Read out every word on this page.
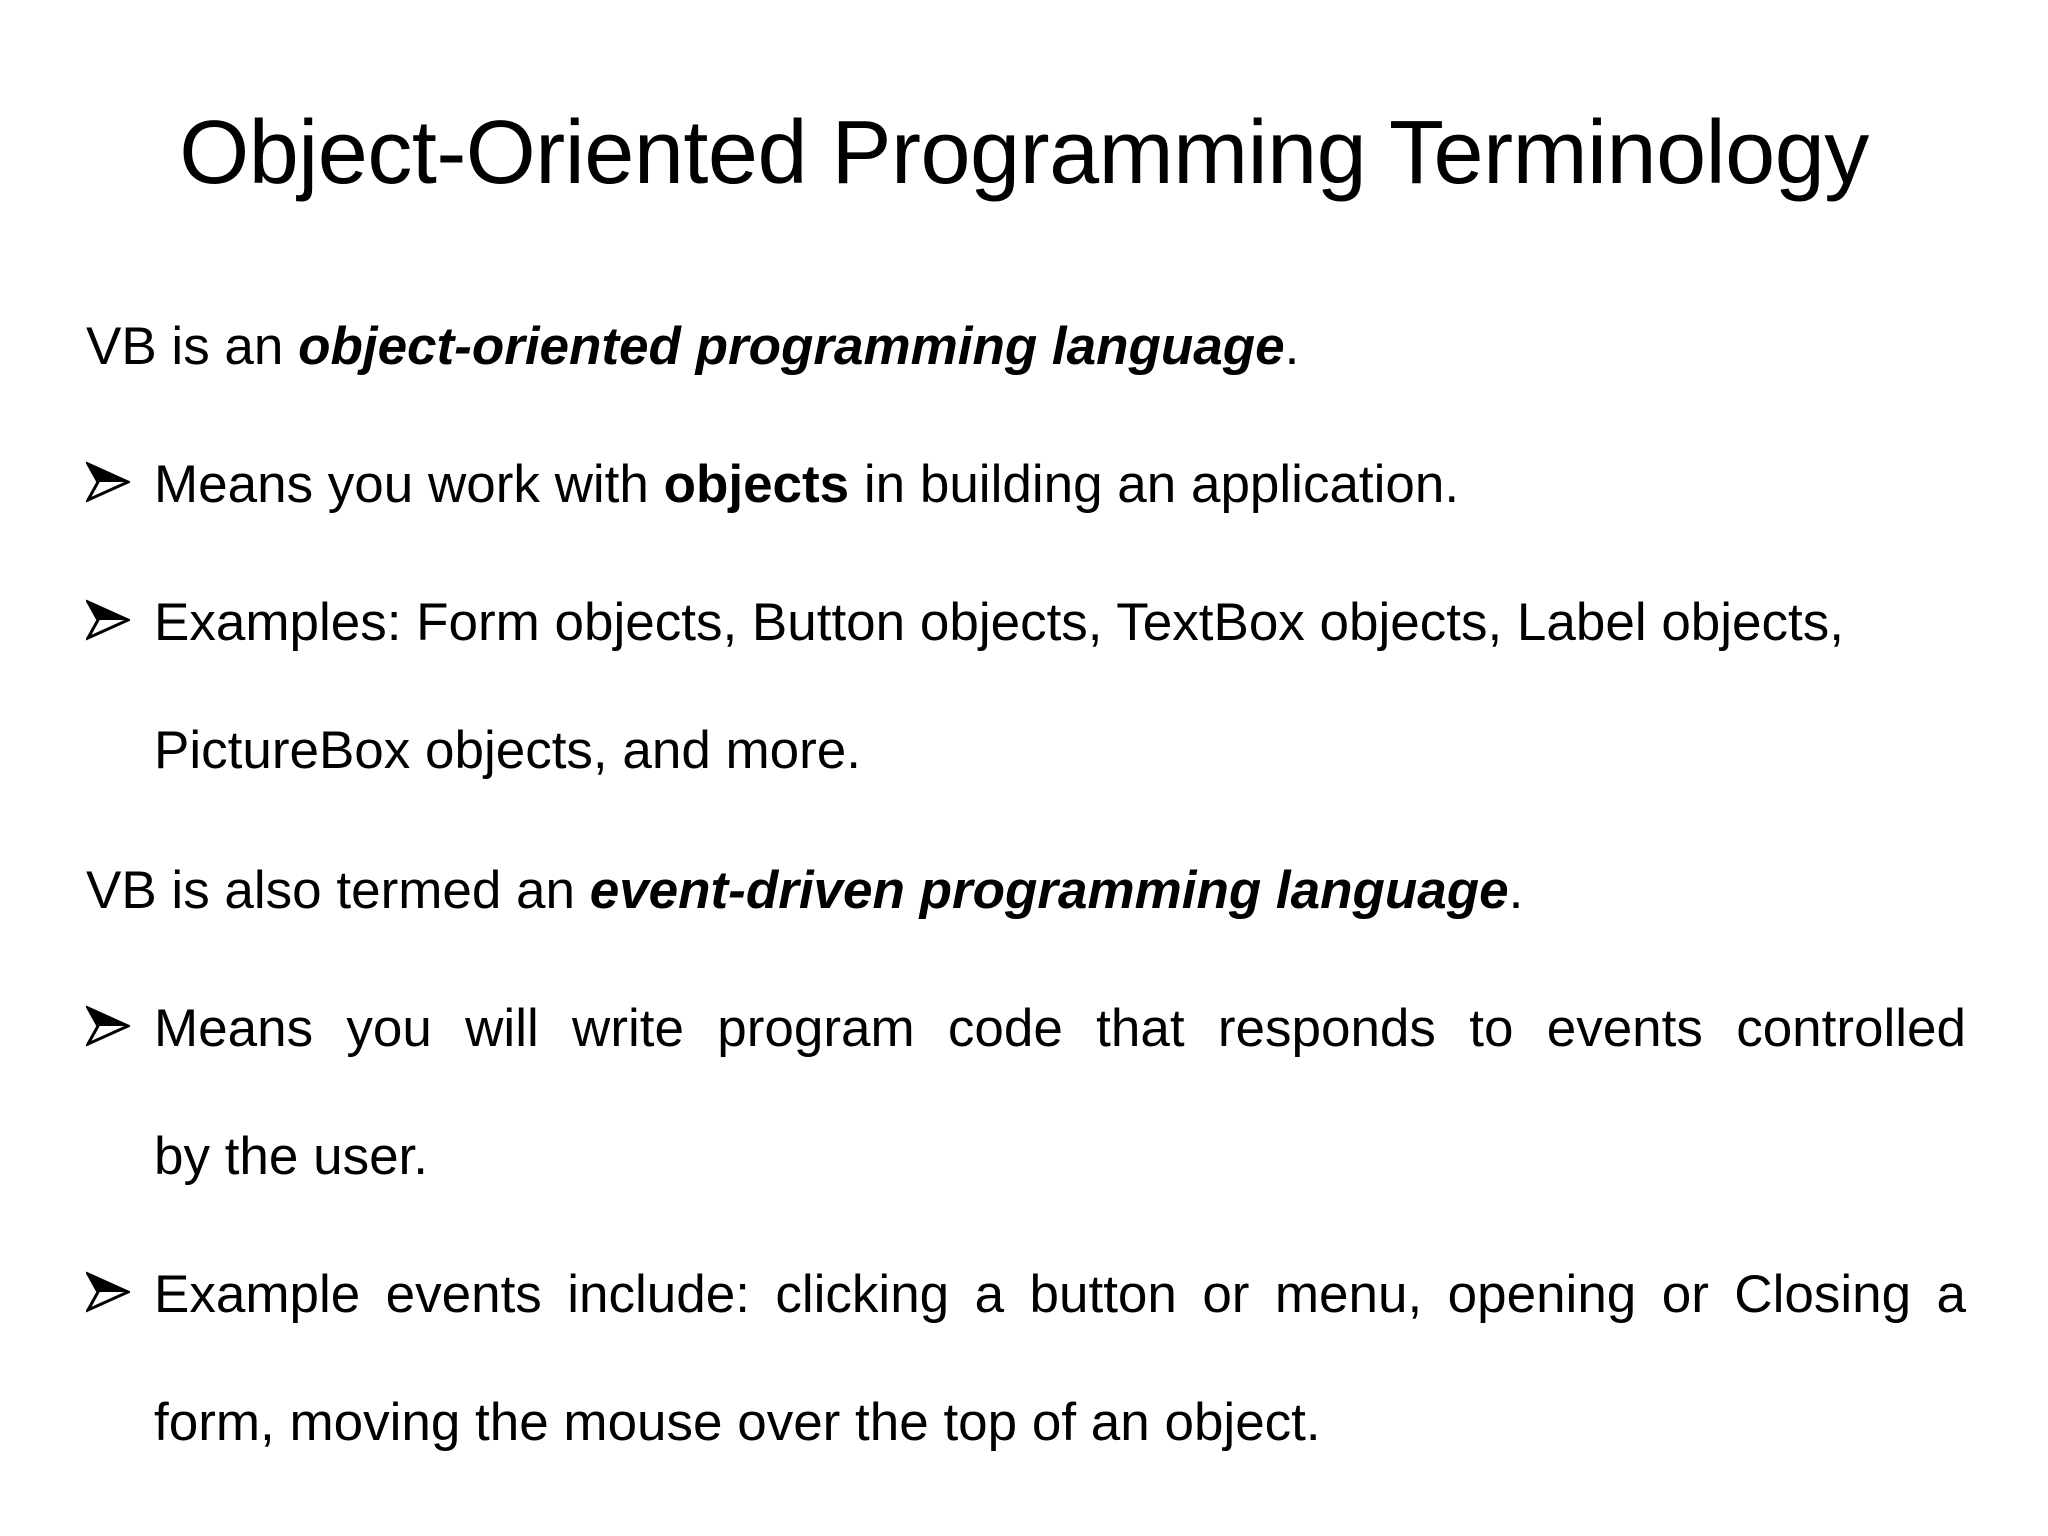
Object-Oriented Programming Terminology
VB is an object-oriented programming language.
Means you work with objects in building an application.
Examples: Form objects, Button objects, TextBox objects, Label objects,
PictureBox objects, and more.
VB is also termed an event-driven programming language.
Means you will write program code that responds to events controlled
by the user.
Example events include: clicking a button or menu, opening or Closing a
form, moving the mouse over the top of an object.
